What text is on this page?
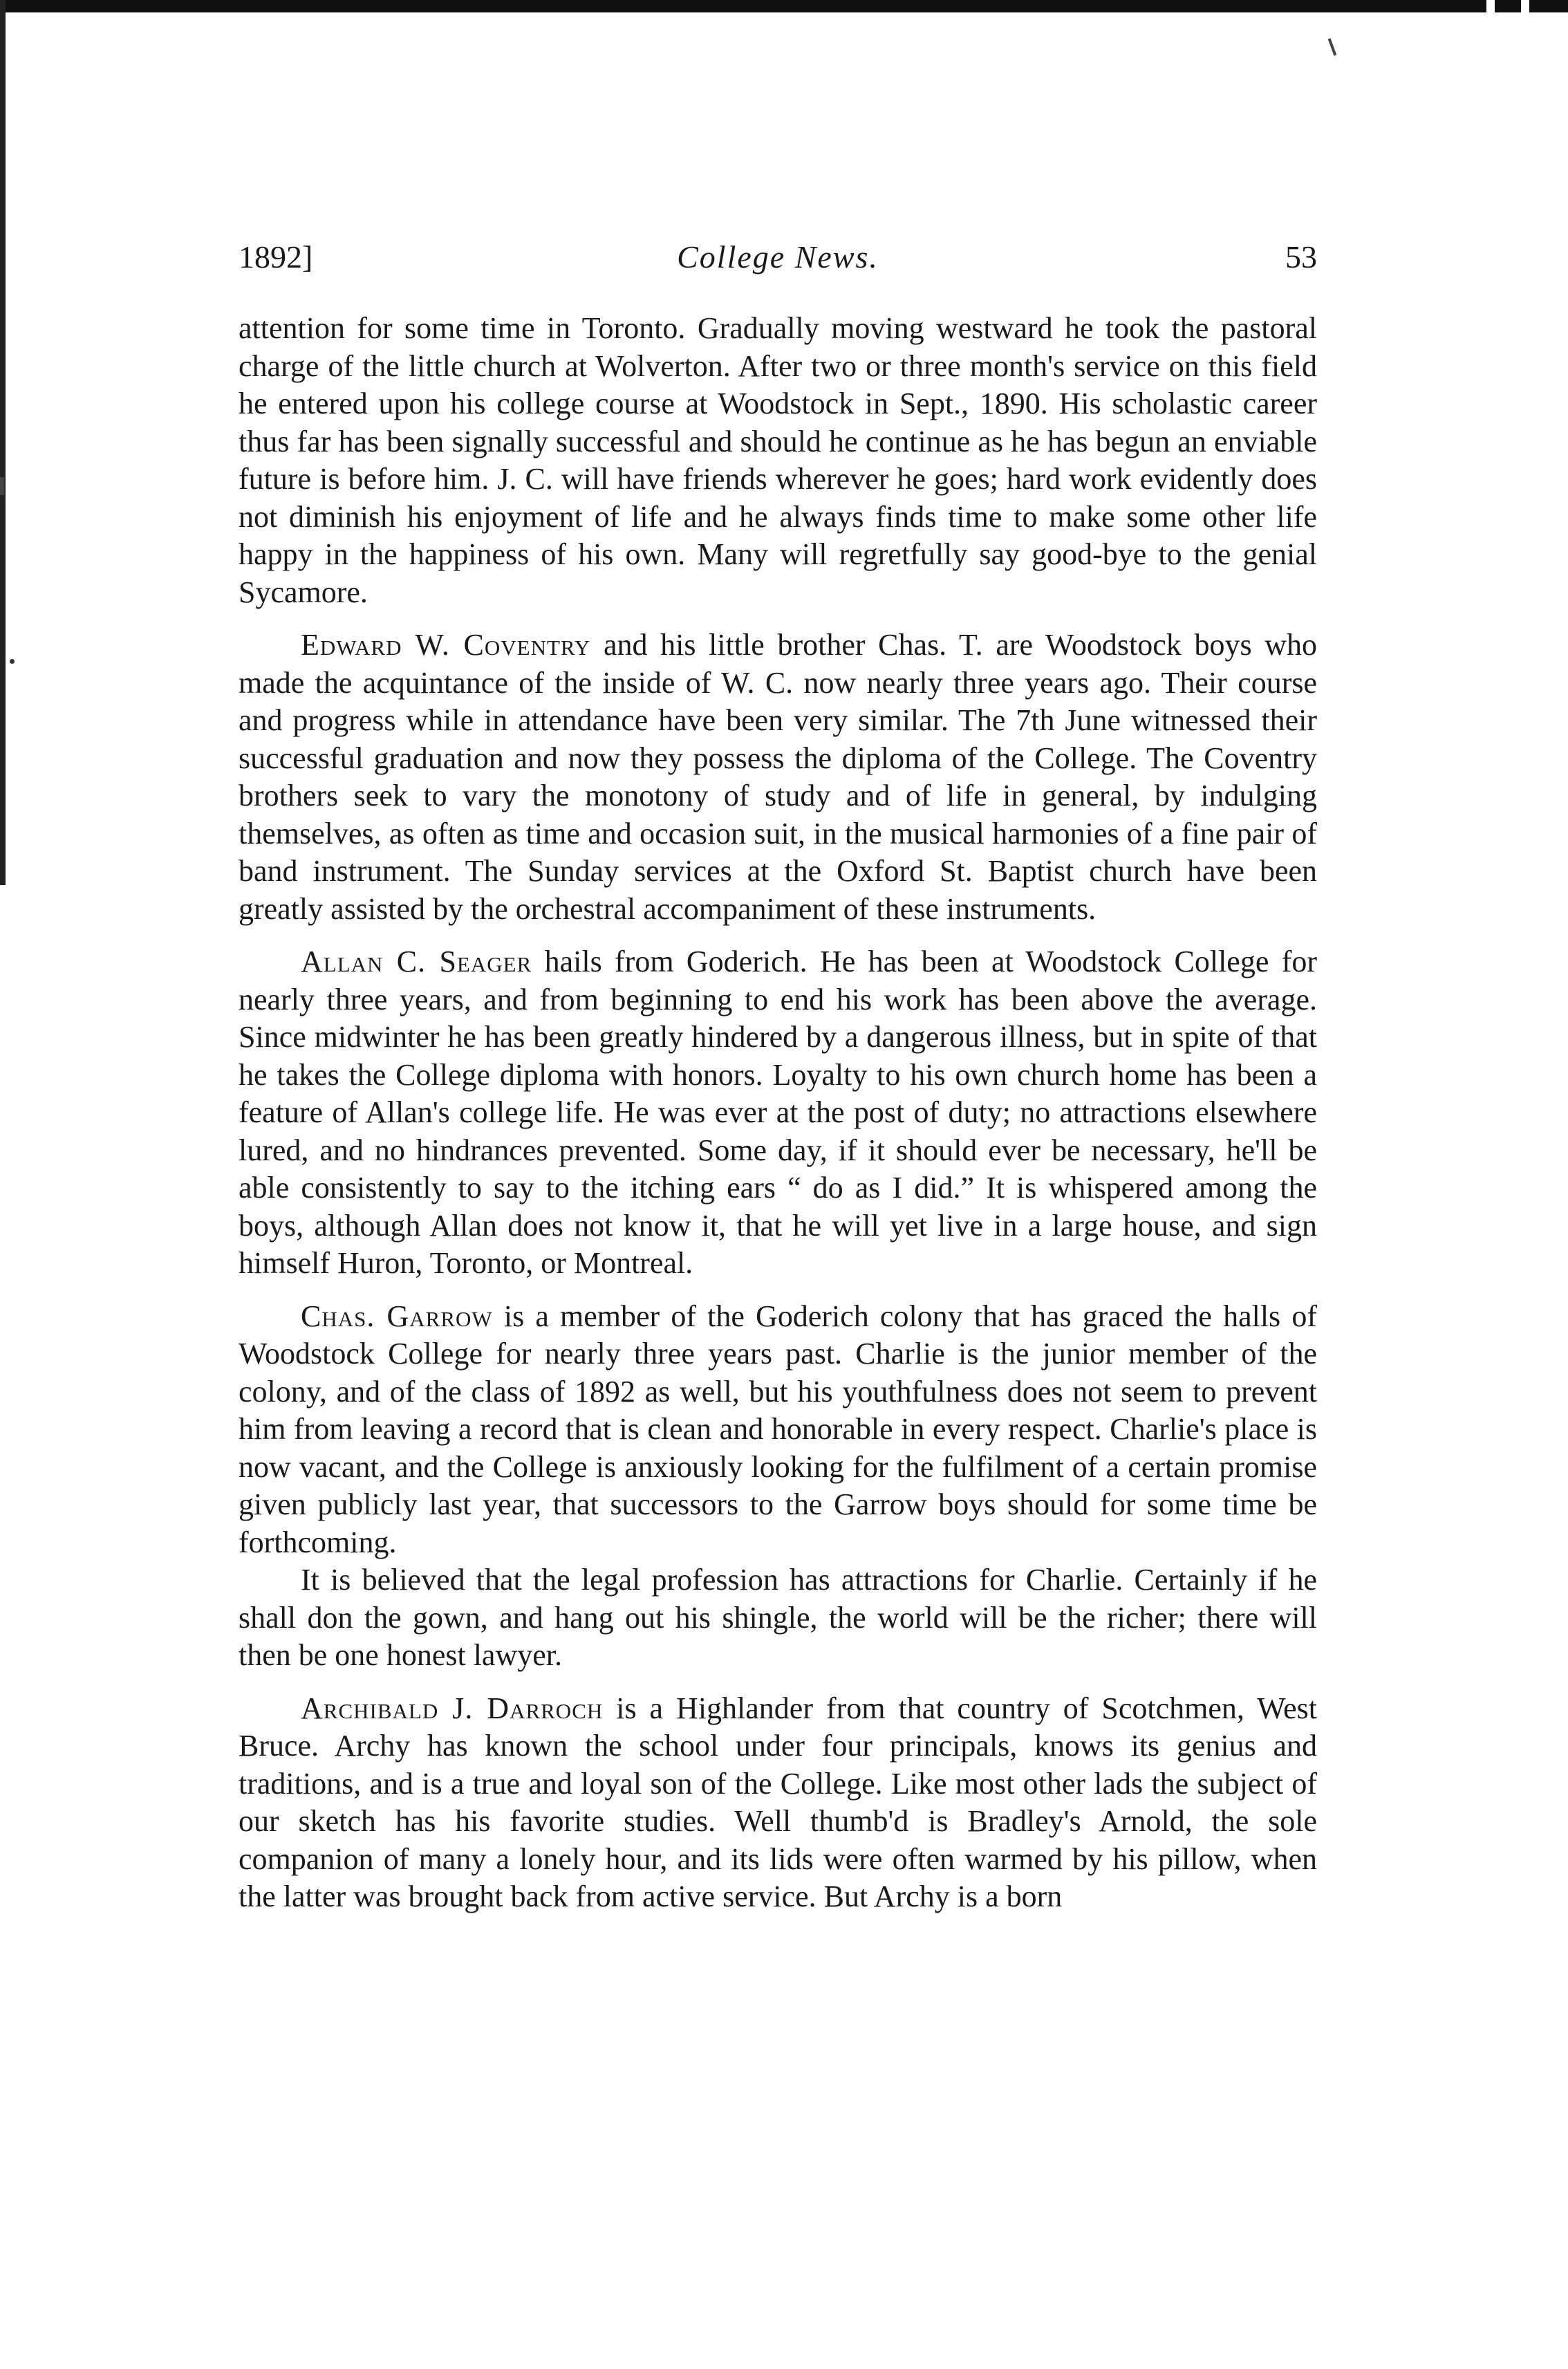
1892]	College News.	53

attention for some time in Toronto. Gradually moving westward he took the pastoral charge of the little church at Wolverton. After two or three month's service on this field he entered upon his college course at Woodstock in Sept., 1890. His scholastic career thus far has been signally successful and should he continue as he has begun an enviable future is before him. J. C. will have friends wherever he goes; hard work evidently does not diminish his enjoyment of life and he always finds time to make some other life happy in the happiness of his own. Many will regretfully say good-bye to the genial Sycamore.

Edward W. Coventry and his little brother Chas. T. are Woodstock boys who made the acquintance of the inside of W. C. now nearly three years ago. Their course and progress while in attendance have been very similar. The 7th June witnessed their successful graduation and now they possess the diploma of the College. The Coventry brothers seek to vary the monotony of study and of life in general, by indulging themselves, as often as time and occasion suit, in the musical harmonies of a fine pair of band instrument. The Sunday services at the Oxford St. Baptist church have been greatly assisted by the orchestral accompaniment of these instruments.

Allan C. Seager hails from Goderich. He has been at Woodstock College for nearly three years, and from beginning to end his work has been above the average. Since midwinter he has been greatly hindered by a dangerous illness, but in spite of that he takes the College diploma with honors. Loyalty to his own church home has been a feature of Allan's college life. He was ever at the post of duty; no attractions elsewhere lured, and no hindrances prevented. Some day, if it should ever be necessary, he'll be able consistently to say to the itching ears “ do as I did.” It is whispered among the boys, although Allan does not know it, that he will yet live in a large house, and sign himself Huron, Toronto, or Montreal.

Chas. Garrow is a member of the Goderich colony that has graced the halls of Woodstock College for nearly three years past. Charlie is the junior member of the colony, and of the class of 1892 as well, but his youthfulness does not seem to prevent him from leaving a record that is clean and honorable in every respect. Charlie's place is now vacant, and the College is anxiously looking for the fulfilment of a certain promise given publicly last year, that successors to the Garrow boys should for some time be forthcoming.

It is believed that the legal profession has attractions for Charlie. Certainly if he shall don the gown, and hang out his shingle, the world will be the richer; there will then be one honest lawyer.

Archibald J. Darroch is a Highlander from that country of Scotchmen, West Bruce. Archy has known the school under four principals, knows its genius and traditions, and is a true and loyal son of the College. Like most other lads the subject of our sketch has his favorite studies. Well thumb'd is Bradley's Arnold, the sole companion of many a lonely hour, and its lids were often warmed by his pillow, when the latter was brought back from active service. But Archy is a born
